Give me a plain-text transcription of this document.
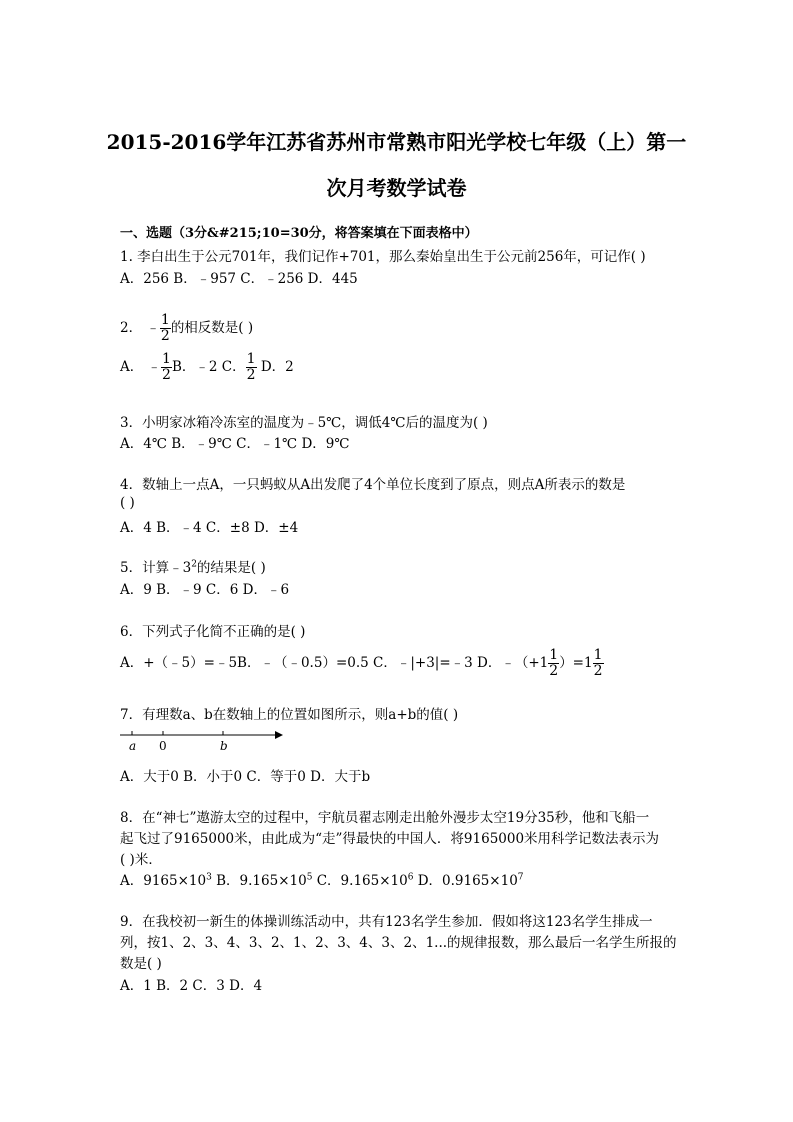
2015-2016学年江苏省苏州市常熟市阳光学校七年级（上）第一
次月考数学试卷
一、选题（3分&#215;10=30分，将答案填在下面表格中）
1. 李白出生于公元701年，我们记作+701，那么秦始皇出生于公元前256年，可记作( )
A．256 B．﹣957 C．﹣256 D．445
2． ﹣ $\frac{1}{2}$ 的相反数是( )
A． ﹣ $\frac{1}{2}$ B．﹣2 C． $\frac{1}{2}$ D．2
3．小明家冰箱冷冻室的温度为﹣5℃，调低4℃后的温度为( )
A．4℃ B．﹣9℃ C．﹣1℃ D．9℃
4．数轴上一点A，一只蚂蚁从A出发爬了4个单位长度到了原点，则点A所表示的数是
( )
A．4 B．﹣4 C．±8 D．±4
5．计算$﹣3^2$的结果是( )
A．9 B．﹣9 C．6 D．﹣6
6．下列式子化简不正确的是( )
A．+（﹣5）=﹣5B．﹣（﹣0.5）=0.5 C．﹣|+3|=﹣3 D．﹣（+1 $\frac{1}{2} )=1 \frac{1}{2}$
7．有理数a、b在数轴上的位置如图所示，则a+b的值( )
a 0	b
A．大于0 B．小于0 C．等于0 D．大于b
8．在“神七”遨游太空的过程中，宇航员翟志刚走出舱外漫步太空19分35秒，他和飞船一
起飞过了9165000米，由此成为“走”得最快的中国人．将9165000米用科学记数法表示为
( )米．
A．$9165\times 10^3$ B．$9.165\times 10^5$ C．$9.165\times 10^6$ D．$0.9165\times 10^7$
9．在我校初一新生的体操训练活动中，共有123名学生参加．假如将这123名学生排成一
列，按1、2、3、4、3、2、1、2、3、4、3、2、1...的规律报数，那么最后一名学生所报的
数是( )
A．1 B．2 C．3 D．4
